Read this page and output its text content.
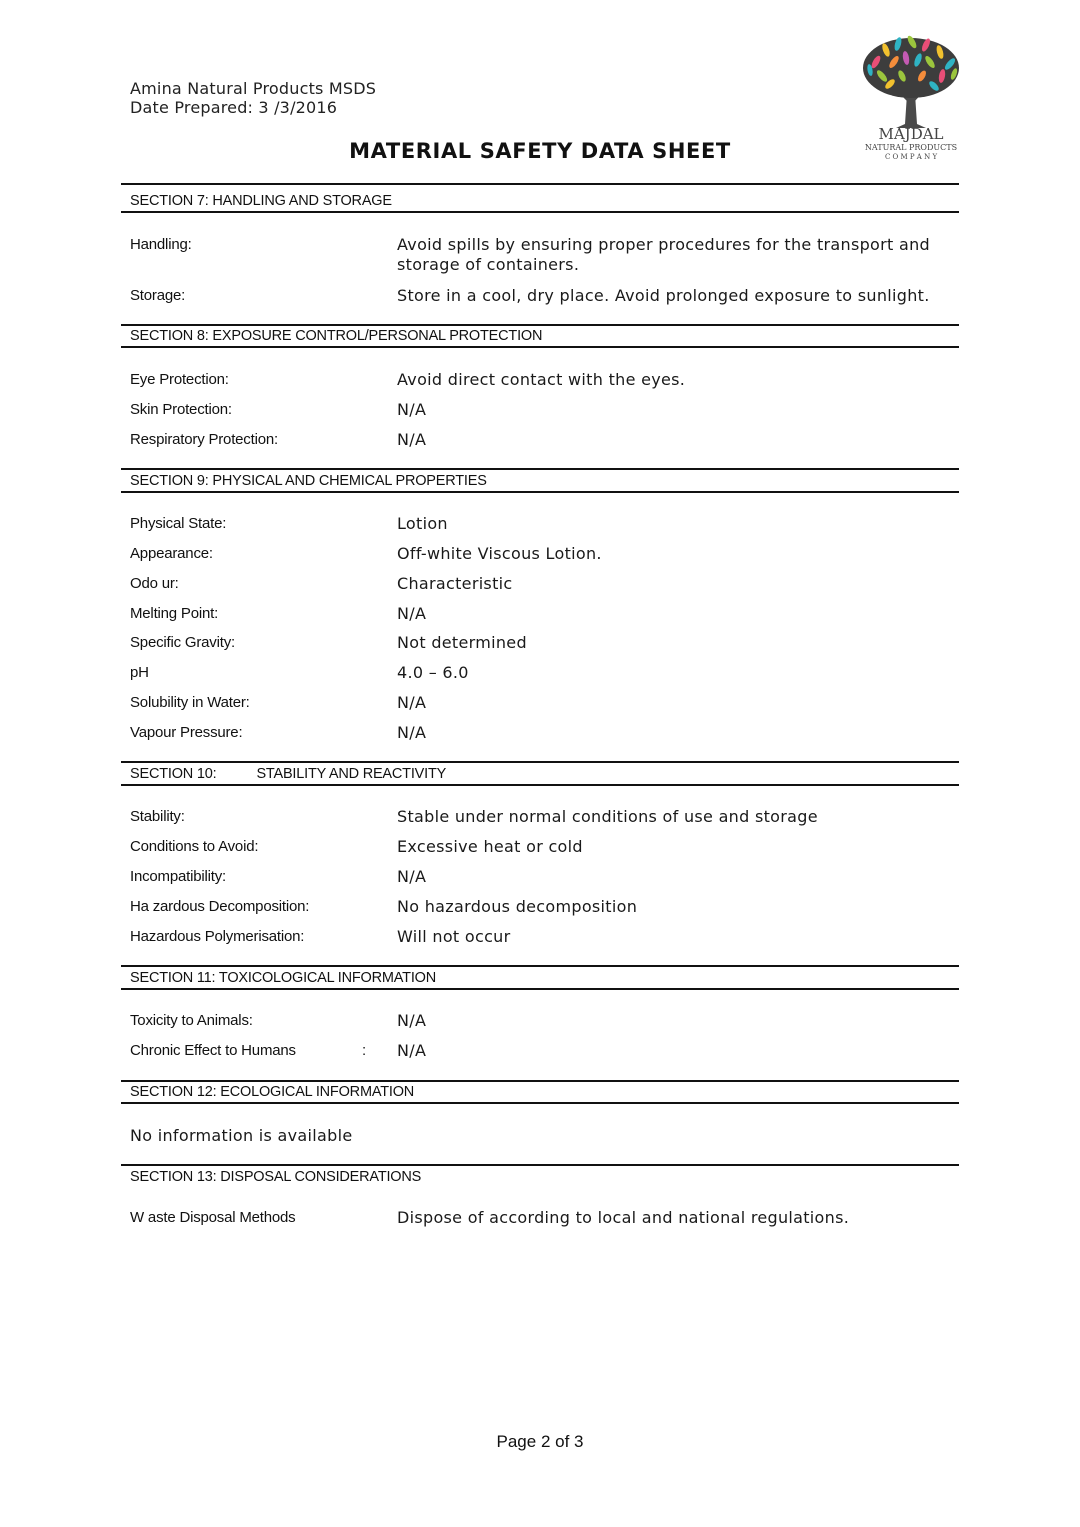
Amina Natural Products MSDS
Date Prepared: 3 /3/2016
MATERIAL SAFETY DATA SHEET
MAJDAL
NATURAL PRODUCTS
C O M P A N Y
SECTION 7: HANDLING AND STORAGE
Handling:	Avoid spills by ensuring proper procedures for the transport and
storage of containers.
Storage:	Store in a cool, dry place. Avoid prolonged exposure to sunlight.
SECTION 8: EXPOSURE CONTROL/PERSONAL PROTECTION
Eye Protection:	Avoid direct contact with the eyes.
Skin Protection:	N/A
Respiratory Protection:	N/A
SECTION 9: PHYSICAL AND CHEMICAL PROPERTIES
Physical State:	Lotion
Appearance:	Off-white Viscous Lotion.
Odo ur:	Characteristic
Melting Point:	N/A
Specific Gravity:	Not determined
pH	4.0 – 6.0
Solubility in Water:	N/A
Vapour Pressure:	N/A
SECTION 10:	STABILITY AND REACTIVITY
Stability:	Stable under normal conditions of use and storage
Conditions to Avoid:	Excessive heat or cold
Incompatibility:	N/A
Ha zardous Decomposition:	No hazardous decomposition
Hazardous Polymerisation:	Will not occur
SECTION 11: TOXICOLOGICAL INFORMATION
Toxicity to Animals:	N/A
Chronic Effect to Humans	: N/A
SECTION 12: ECOLOGICAL INFORMATION
No information is available
SECTION 13: DISPOSAL CONSIDERATIONS
W aste Disposal Methods	Dispose of according to local and national regulations.
Page 2 of 3
